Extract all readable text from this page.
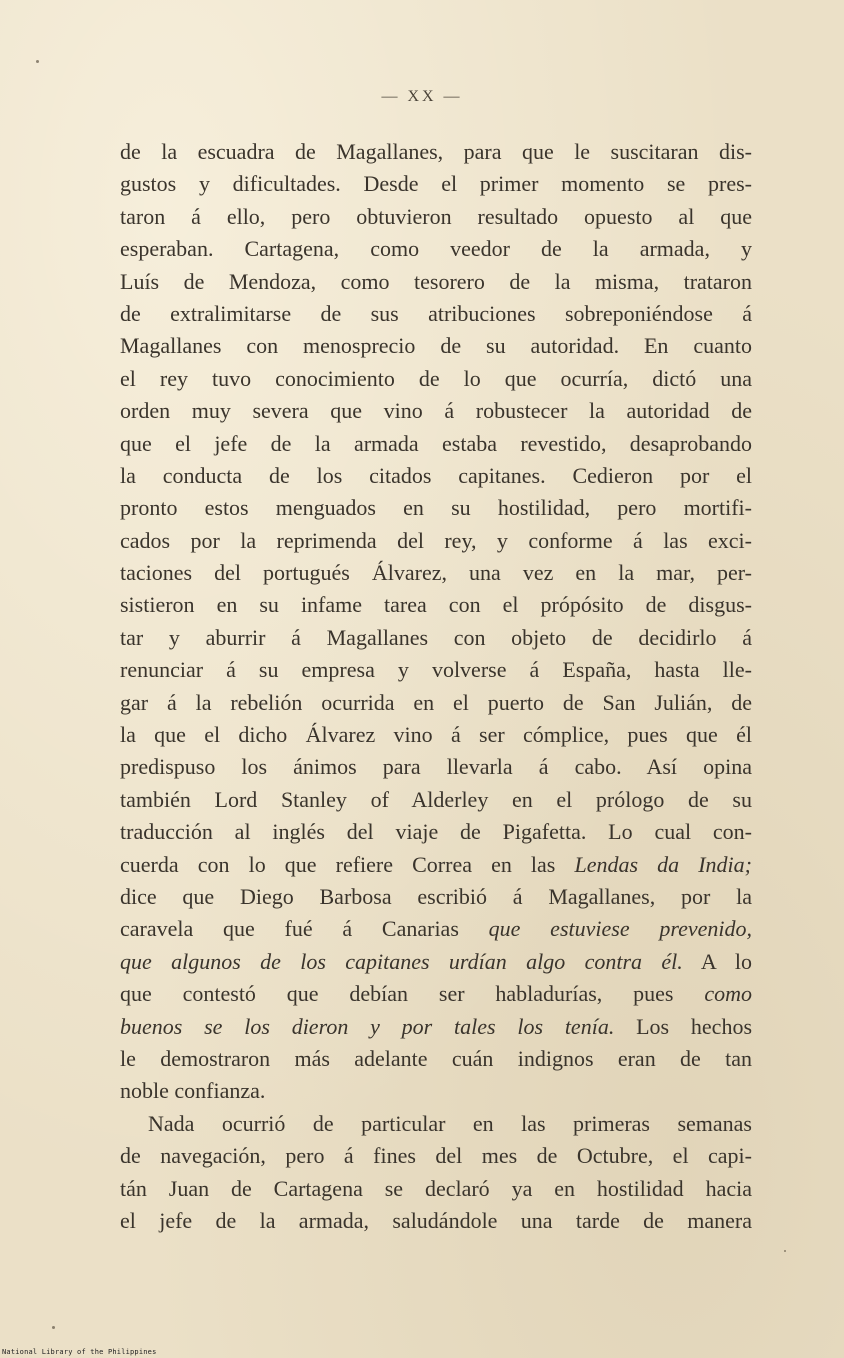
— XX —
de la escuadra de Magallanes, para que le suscitaran dis-
gustos y dificultades. Desde el primer momento se pres-
taron á ello, pero obtuvieron resultado opuesto al que
esperaban. Cartagena, como veedor de la armada, y
Luís de Mendoza, como tesorero de la misma, trataron
de extralimitarse de sus atribuciones sobreponiéndose á
Magallanes con menosprecio de su autoridad. En cuanto
el rey tuvo conocimiento de lo que ocurría, dictó una
orden muy severa que vino á robustecer la autoridad de
que el jefe de la armada estaba revestido, desaprobando
la conducta de los citados capitanes. Cedieron por el
pronto estos menguados en su hostilidad, pero mortifi-
cados por la reprimenda del rey, y conforme á las exci-
taciones del portugués Álvarez, una vez en la mar, per-
sistieron en su infame tarea con el própósito de disgus-
tar y aburrir á Magallanes con objeto de decidirlo á
renunciar á su empresa y volverse á España, hasta lle-
gar á la rebelión ocurrida en el puerto de San Julián, de
la que el dicho Álvarez vino á ser cómplice, pues que él
predispuso los ánimos para llevarla á cabo. Así opina
también Lord Stanley of Alderley en el prólogo de su
traducción al inglés del viaje de Pigafetta. Lo cual con-
cuerda con lo que refiere Correa en las Lendas da India;
dice que Diego Barbosa escribió á Magallanes, por la
caravela que fué á Canarias que estuviese prevenido,
que algunos de los capitanes urdían algo contra él. A lo
que contestó que debían ser habladurías, pues como
buenos se los dieron y por tales los tenía. Los hechos
le demostraron más adelante cuán indignos eran de tan
noble confianza.
Nada ocurrió de particular en las primeras semanas
de navegación, pero á fines del mes de Octubre, el capi-
tán Juan de Cartagena se declaró ya en hostilidad hacia
el jefe de la armada, saludándole una tarde de manera
National Library of the Philippines
